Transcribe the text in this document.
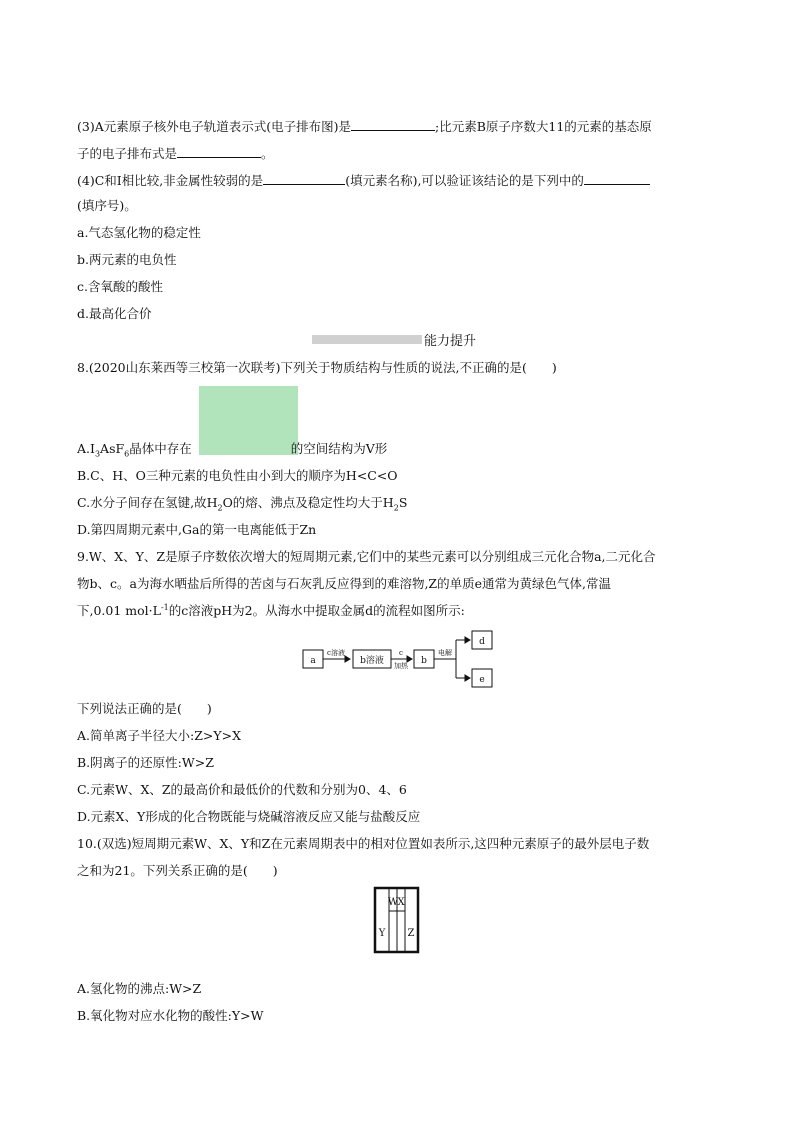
(3)A元素原子核外电子轨道表示式(电子排布图)是	;比元素B原子序数大11的元素的基态原
子的电子排布式是	。
(4)C和I相比较,非金属性较弱的是	(填元素名称),可以验证该结论的是下列中的
(填序号)。
a.气态氢化物的稳定性
b.两元素的电负性
c.含氧酸的酸性
d.最高化合价
能力提升
8.(2020山东莱西等三校第一次联考)下列关于物质结构与性质的说法,不正确的是(　　)
$A.I_3AsF_6$晶体中存在	的空间结构为V形
B.C、H、O三种元素的电负性由小到大的顺序为H<C<O
C.水分子间存在氢键,故$H_2O$的熔、沸点及稳定性均大于$H_2S$
D.第四周期元素中,Ga的第一电离能低于Zn
9.W、X、Y、Z是原子序数依次增大的短周期元素,它们中的某些元素可以分别组成三元化合物a,二元化合
物b、c。a为海水晒盐后所得的苦卤与石灰乳反应得到的难溶物,Z的单质e通常为黄绿色气体,常温
下,0.01 $mol\cdot L^{-1}$的c溶液pH为2。从海水中提取金属d的流程如图所示:
a
c溶液
b溶液
c
加热 b
电解
d
e
下列说法正确的是(　　)
A.简单离子半径大小:Z>Y>X
B.阴离子的还原性:W>Z
C.元素W、X、Z的最高价和最低价的代数和分别为0、4、6
D.元素X、Y形成的化合物既能与烧碱溶液反应又能与盐酸反应
10.(双选)短周期元素W、X、Y和Z在元素周期表中的相对位置如表所示,这四种元素原子的最外层电子数
之和为21。下列关系正确的是(　　)
W X
Y Z
A.氢化物的沸点:W>Z
B.氧化物对应水化物的酸性:Y>W
